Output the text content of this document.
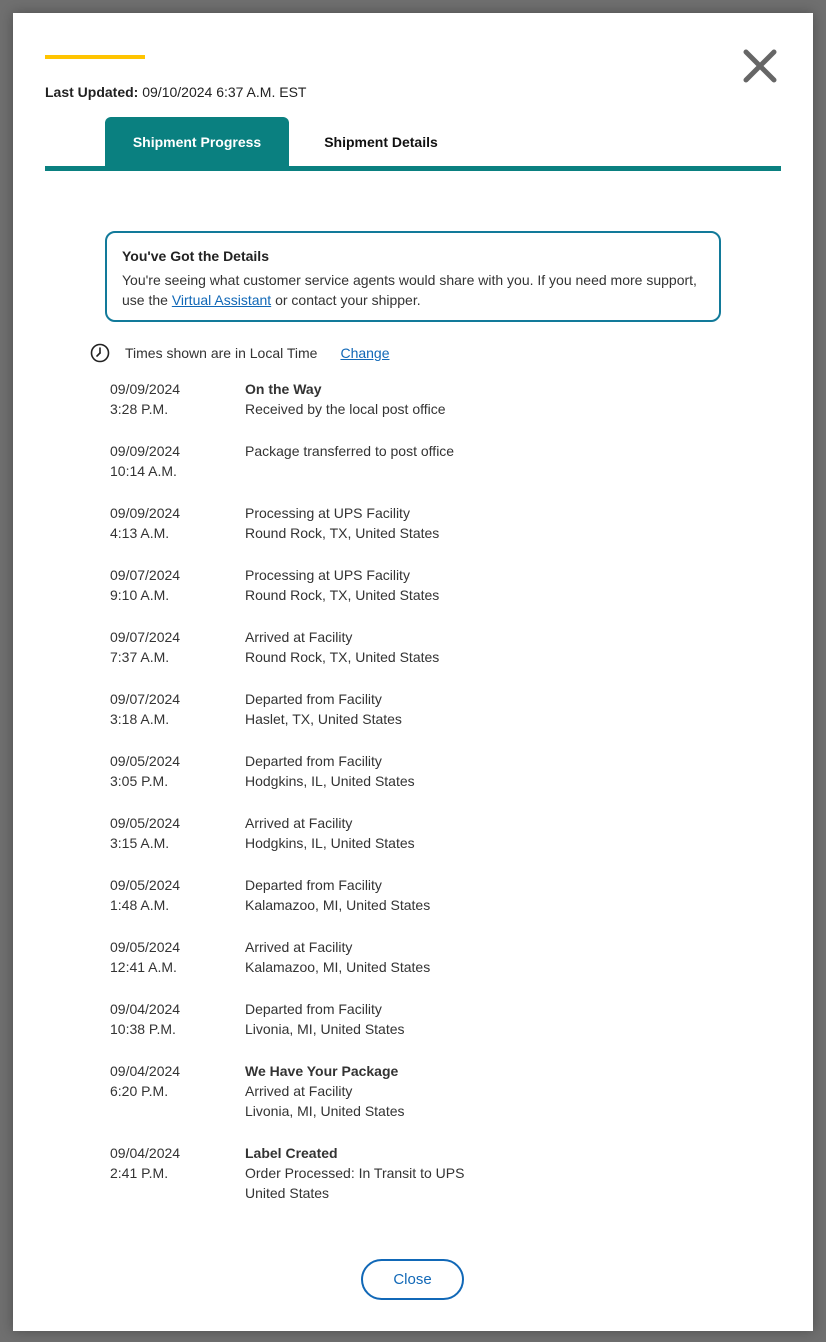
Last Updated: 09/10/2024 6:37 A.M. EST
Shipment Progress	Shipment Details
You've Got the Details
You're seeing what customer service agents would share with you. If you need more support, use the Virtual Assistant or contact your shipper.
Times shown are in Local Time Change
09/09/2024
3:28 P.M.
On the Way
Received by the local post office
09/09/2024
10:14 A.M.
Package transferred to post office
09/09/2024
4:13 A.M.
Processing at UPS Facility
Round Rock, TX, United States
09/07/2024
9:10 A.M.
Processing at UPS Facility
Round Rock, TX, United States
09/07/2024
7:37 A.M.
Arrived at Facility
Round Rock, TX, United States
09/07/2024
3:18 A.M.
Departed from Facility
Haslet, TX, United States
09/05/2024
3:05 P.M.
Departed from Facility
Hodgkins, IL, United States
09/05/2024
3:15 A.M.
Arrived at Facility
Hodgkins, IL, United States
09/05/2024
1:48 A.M.
Departed from Facility
Kalamazoo, MI, United States
09/05/2024
12:41 A.M.
Arrived at Facility
Kalamazoo, MI, United States
09/04/2024
10:38 P.M.
Departed from Facility
Livonia, MI, United States
09/04/2024
6:20 P.M.
We Have Your Package
Arrived at Facility
Livonia, MI, United States
09/04/2024
2:41 P.M.
Label Created
Order Processed: In Transit to UPS
United States
Close
